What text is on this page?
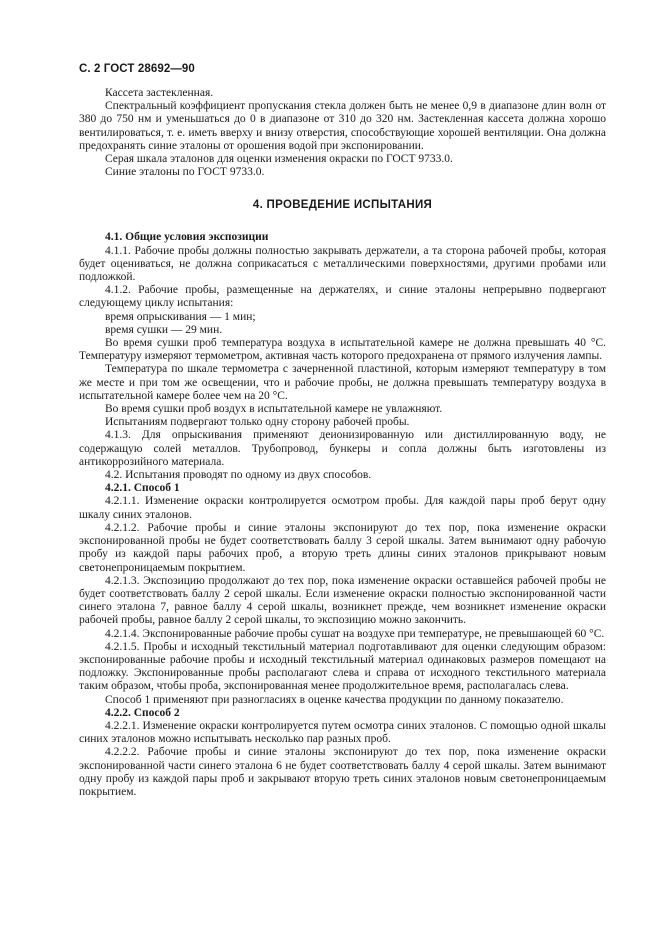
С. 2 ГОСТ 28692—90

Кассета застекленная.

Спектральный коэффициент пропускания стекла должен быть не менее 0,9 в диапазоне длин волн от 380 до 750 нм и уменьшаться до 0 в диапазоне от 310 до 320 нм. Застекленная кассета должна хорошо вентилироваться, т. е. иметь вверху и внизу отверстия, способствующие хорошей вентиляции. Она должна предохранять синие эталоны от орошения водой при экспонировании.

Серая шкала эталонов для оценки изменения окраски по ГОСТ 9733.0.

Синие эталоны по ГОСТ 9733.0.

4. ПРОВЕДЕНИЕ ИСПЫТАНИЯ

4.1. Общие условия экспозиции

4.1.1. Рабочие пробы должны полностью закрывать держатели, а та сторона рабочей пробы, которая будет оцениваться, не должна соприкасаться с металлическими поверхностями, другими пробами или подложкой.

4.1.2. Рабочие пробы, размещенные на держателях, и синие эталоны непрерывно подвергают следующему циклу испытания:

время опрыскивания — 1 мин;

время сушки — 29 мин.

Во время сушки проб температура воздуха в испытательной камере не должна превышать 40 °С. Температуру измеряют термометром, активная часть которого предохранена от прямого излучения лампы.

Температура по шкале термометра с зачерненной пластиной, которым измеряют температуру в том же месте и при том же освещении, что и рабочие пробы, не должна превышать температуру воздуха в испытательной камере более чем на 20 °С.

Во время сушки проб воздух в испытательной камере не увлажняют.

Испытаниям подвергают только одну сторону рабочей пробы.

4.1.3. Для опрыскивания применяют деионизированную или дистиллированную воду, не содержащую солей металлов. Трубопровод, бункеры и сопла должны быть изготовлены из антикоррозийного материала.

4.2. Испытания проводят по одному из двух способов.

4.2.1. Способ 1

4.2.1.1. Изменение окраски контролируется осмотром пробы. Для каждой пары проб берут одну шкалу синих эталонов.

4.2.1.2. Рабочие пробы и синие эталоны экспонируют до тех пор, пока изменение окраски экспонированной пробы не будет соответствовать баллу 3 серой шкалы. Затем вынимают одну рабочую пробу из каждой пары рабочих проб, а вторую треть длины синих эталонов прикрывают новым светонепроницаемым покрытием.

4.2.1.3. Экспозицию продолжают до тех пор, пока изменение окраски оставшейся рабочей пробы не будет соответствовать баллу 2 серой шкалы. Если изменение окраски полностью экспонированной части синего эталона 7, равное баллу 4 серой шкалы, возникнет прежде, чем возникнет изменение окраски рабочей пробы, равное баллу 2 серой шкалы, то экспозицию можно закончить.

4.2.1.4. Экспонированные рабочие пробы сушат на воздухе при температуре, не превышающей 60 °С.

4.2.1.5. Пробы и исходный текстильный материал подготавливают для оценки следующим образом: экспонированные рабочие пробы и исходный текстильный материал одинаковых размеров помещают на подложку. Экспонированные пробы располагают слева и справа от исходного текстильного материала таким образом, чтобы проба, экспонированная менее продолжительное время, располагалась слева.

Способ 1 применяют при разногласиях в оценке качества продукции по данному показателю.

4.2.2. Способ 2

4.2.2.1. Изменение окраски контролируется путем осмотра синих эталонов. С помощью одной шкалы синих эталонов можно испытывать несколько пар разных проб.

4.2.2.2. Рабочие пробы и синие эталоны экспонируют до тех пор, пока изменение окраски экспонированной части синего эталона 6 не будет соответствовать баллу 4 серой шкалы. Затем вынимают одну пробу из каждой пары проб и закрывают вторую треть синих эталонов новым светонепроницаемым покрытием.
